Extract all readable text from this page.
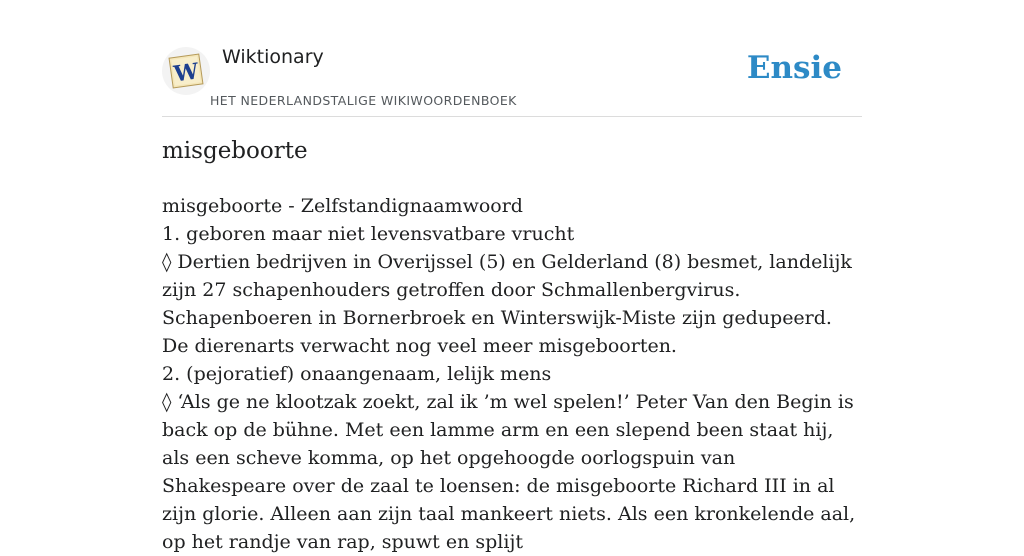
W
Wiktionary
HET NEDERLANDSTALIGE WIKIWOORDENBOEK
Ensie
misgeboorte

misgeboorte - Zelfstandignaamwoord

1. geboren maar niet levensvatbare vrucht

◊ Dertien bedrijven in Overijssel (5) en Gelderland (8) besmet, landelijk zijn 27 schapenhouders getroffen door Schmallenbergvirus. Schapenboeren in Bornerbroek en Winterswijk-Miste zijn gedupeerd. De dierenarts verwacht nog veel meer misgeboorten.

2. (pejoratief) onaangenaam, lelijk mens

◊ ‘Als ge ne klootzak zoekt, zal ik ’m wel spelen!’ Peter Van den Begin is back op de bühne. Met een lamme arm en een slepend been staat hij, als een scheve komma, op het opgehoogde oorlogspuin van Shakespeare over de zaal te loensen: de misgeboorte Richard III in al zijn glorie. Alleen aan zijn taal mankeert niets. Als een kronkelende aal, op het randje van rap, spuwt en splijt
